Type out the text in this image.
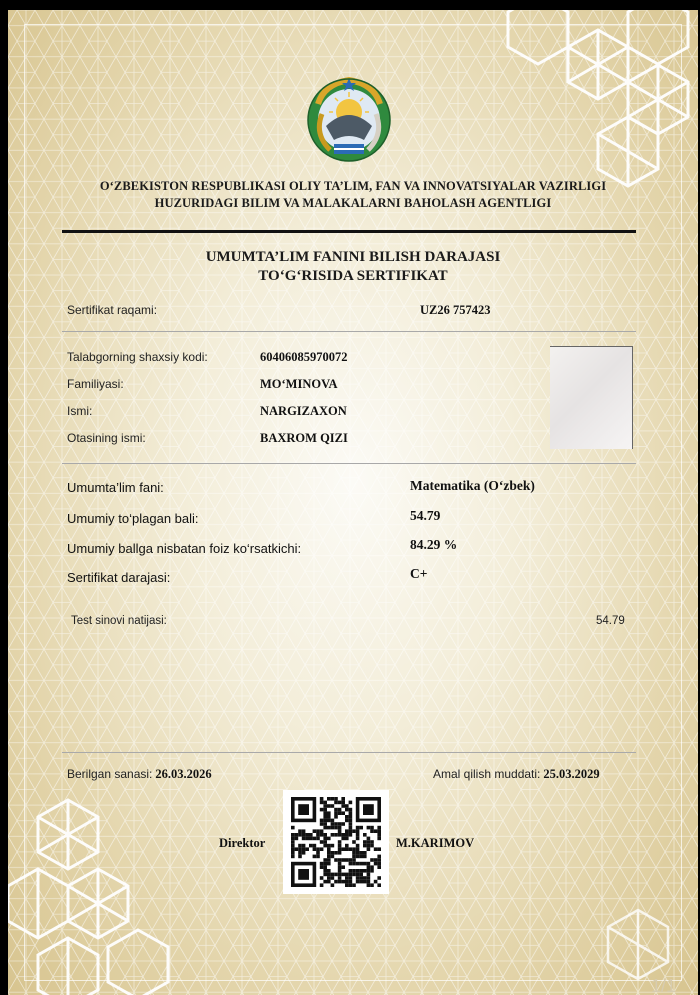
O‘ZBEKISTON RESPUBLIKASI OLIY TA’LIM, FAN VA INNOVATSIYALAR VAZIRLIGI
HUZURIDAGI BILIM VA MALAKALARNI BAHOLASH AGENTLIGI
UMUMTA’LIM FANINI BILISH DARAJASI
TO‘G‘RISIDA SERTIFIKAT
Sertifikat raqami:	UZ26 757423
Talabgorning shaxsiy kodi:	60406085970072
Familiyasi:	MO‘MINOVA
Ismi:	NARGIZAXON
Otasining ismi:	BAXROM QIZI
Umumta’lim fani:	Matematika (O‘zbek)
Umumiy to‘plagan bali:	54.79
Umumiy ballga nisbatan foiz ko‘rsatkichi:	84.29 %
Sertifikat darajasi:	C+
Test sinovi natijasi:	54.79
Berilgan sanasi: 26.03.2026	Amal qilish muddati: 25.03.2029
Direktor	M.KARIMOV
1/1
